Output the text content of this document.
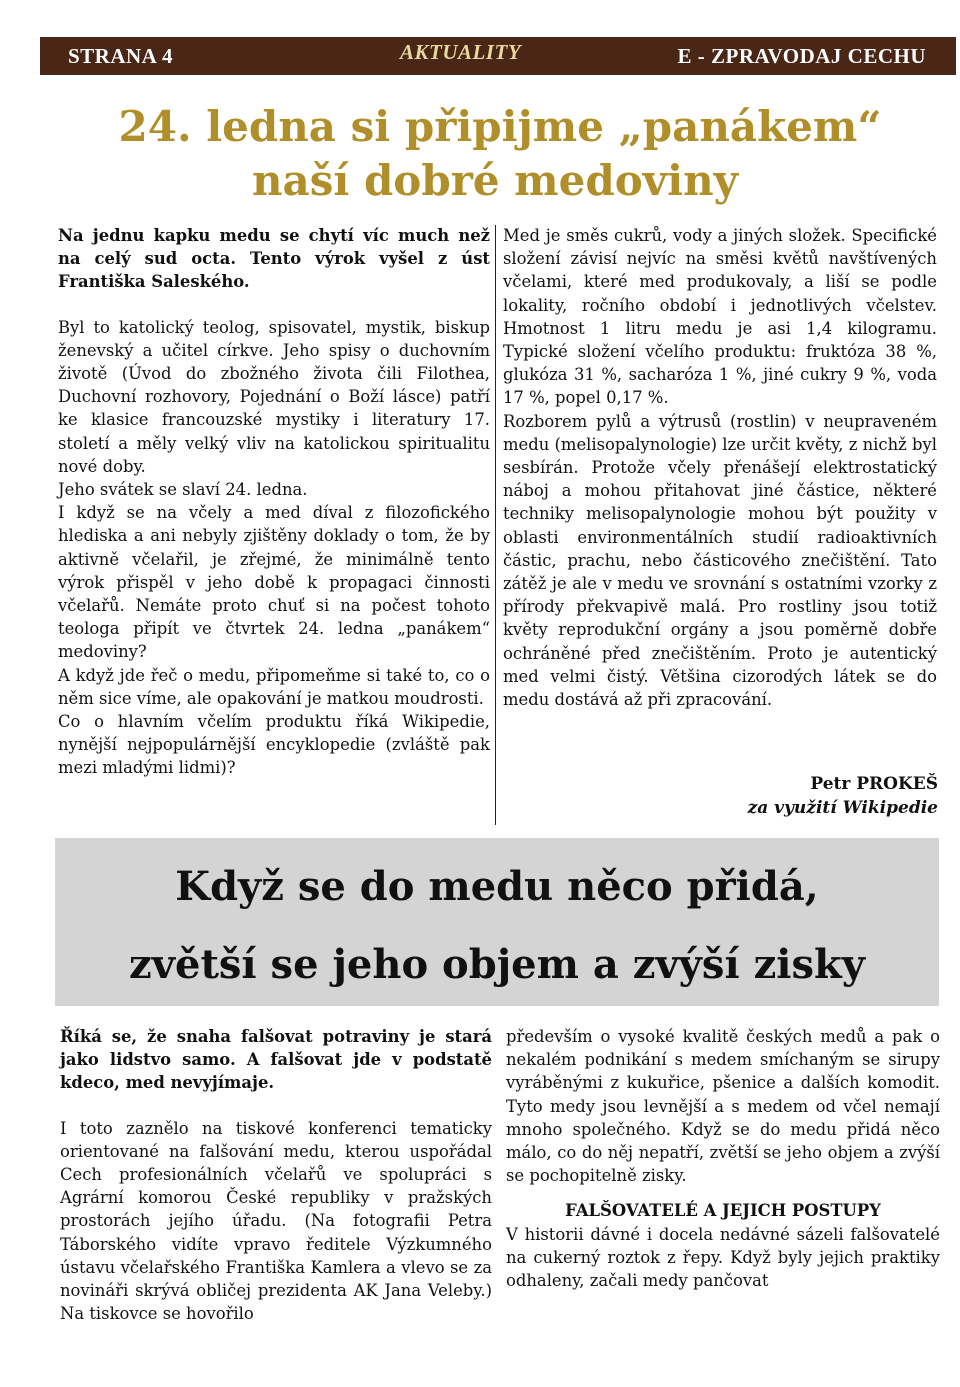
STRANA 4	AKTUALITY	E - ZPRAVODAJ CECHU
24. ledna si připijme „panákem“
naší dobré medoviny

Na jednu kapku medu se chytí víc much než na celý sud octa. Tento výrok vyšel z úst Františka Saleského.

Byl to katolický teolog, spisovatel, mystik, biskup ženevský a učitel církve. Jeho spisy o duchovním životě (Úvod do zbožného života čili Filothea, Duchovní rozhovory, Pojednání o Boží lásce) patří ke klasice francouzské mystiky i literatury 17. století a měly velký vliv na katolickou spiritualitu nové doby.

Jeho svátek se slaví 24. ledna.

I když se na včely a med díval z filozofického hlediska a ani nebyly zjištěny doklady o tom, že by aktivně včelařil, je zřejmé, že minimálně tento výrok přispěl v jeho době k propagaci činnosti včelařů. Nemáte proto chuť si na počest tohoto teologa připít ve čtvrtek 24. ledna „panákem“ medoviny?

A když jde řeč o medu, připomeňme si také to, co o něm sice víme, ale opakování je matkou moudrosti.

Co o hlavním včelím produktu říká Wikipedie, nynější nejpopulárnější encyklopedie (zvláště pak mezi mladými lidmi)?

Med je směs cukrů, vody a jiných složek. Specifické složení závisí nejvíc na směsi květů navštívených včelami, které med produkovaly, a liší se podle lokality, ročního období i jednotlivých včelstev. Hmotnost 1 litru medu je asi 1,4 kilogramu. Typické složení včelího produktu: fruktóza 38 %, glukóza 31 %, sacharóza 1 %, jiné cukry 9 %, voda 17 %, popel 0,17 %.

Rozborem pylů a výtrusů (rostlin) v neupraveném medu (melisopalynologie) lze určit květy, z nichž byl sesbírán. Protože včely přenášejí elektrostatický náboj a mohou přitahovat jiné částice, některé techniky melisopalynologie mohou být použity v oblasti environmentálních studií radioaktivních částic, prachu, nebo částicového znečištění. Tato zátěž je ale v medu ve srovnání s ostatními vzorky z přírody překvapivě malá. Pro rostliny jsou totiž květy reprodukční orgány a jsou poměrně dobře ochráněné před znečištěním. Proto je autentický med velmi čistý. Většina cizorodých látek se do medu dostává až při zpracování.

Petr PROKEŠ
za využití Wikipedie
Když se do medu něco přidá,
zvětší se jeho objem a zvýší zisky

Říká se, že snaha falšovat potraviny je stará jako lidstvo samo. A falšovat jde v podstatě kdeco, med nevyjímaje.

I toto zaznělo na tiskové konferenci tematicky orientované na falšování medu, kterou uspořádal Cech profesionálních včelařů ve spolupráci s Agrární komorou České republiky v pražských prostorách jejího úřadu. (Na fotografii Petra Táborského vidíte vpravo ředitele Výzkumného ústavu včelařského Františka Kamlera a vlevo se za novináři skrývá obličej prezidenta AK Jana Veleby.) Na tiskovce se hovořilo

především o vysoké kvalitě českých medů a pak o nekalém podnikání s medem smíchaným se sirupy vyráběnými z kukuřice, pšenice a dalších komodit. Tyto medy jsou levnější a s medem od včel nemají mnoho společného. Když se do medu přidá něco málo, co do něj nepatří, zvětší se jeho objem a zvýší se pochopitelně zisky.

FALŠOVATELÉ A JEJICH POSTUPY

V historii dávné i docela nedávné sázeli falšovatelé na cukerný roztok z řepy. Když byly jejich praktiky odhaleny, začali medy pančovat
